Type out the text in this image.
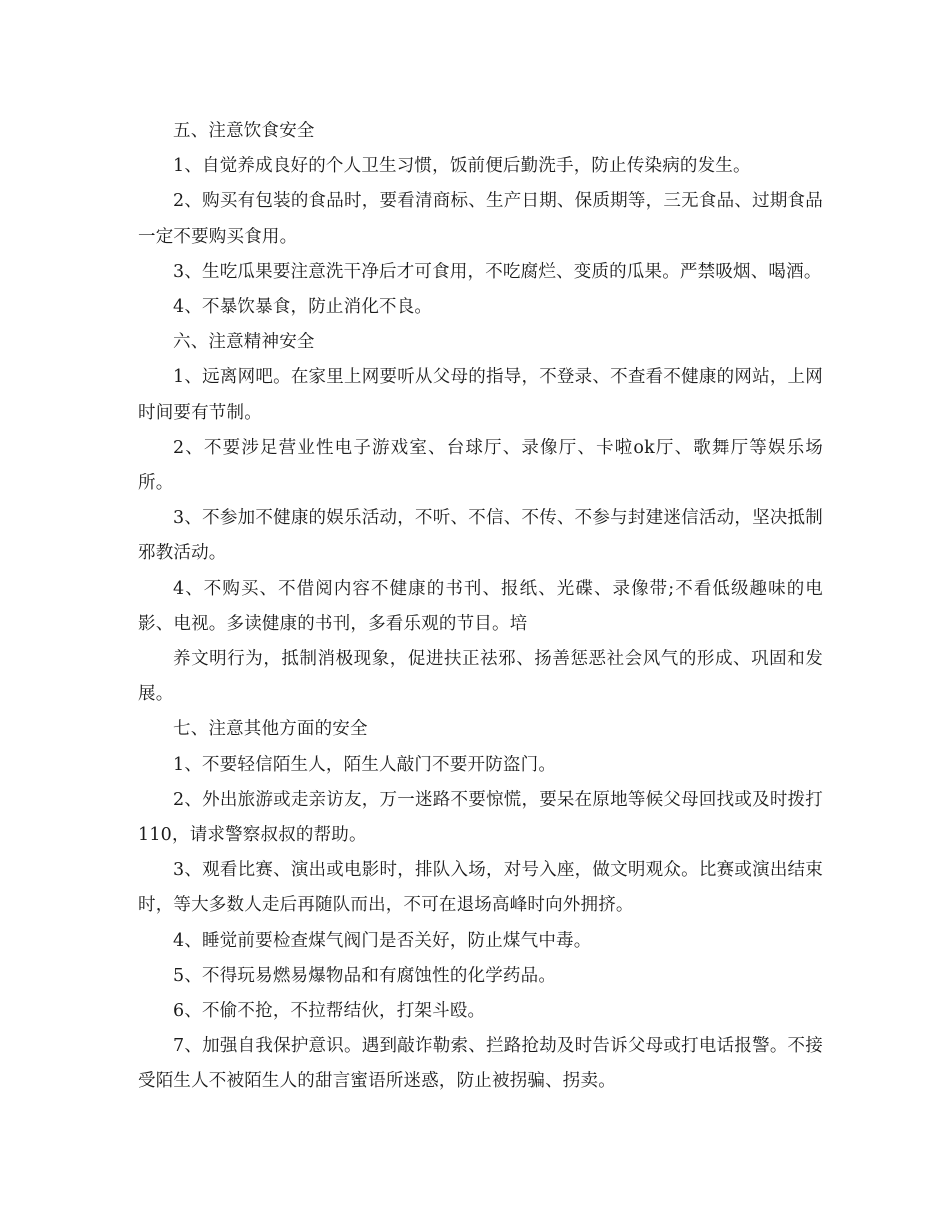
五、注意饮食安全

1、自觉养成良好的个人卫生习惯，饭前便后勤洗手，防止传染病的发生。

2、购买有包装的食品时，要看清商标、生产日期、保质期等，三无食品、过期食品一定不要购买食用。

3、生吃瓜果要注意洗干净后才可食用，不吃腐烂、变质的瓜果。严禁吸烟、喝酒。

4、不暴饮暴食，防止消化不良。

六、注意精神安全

1、远离网吧。在家里上网要听从父母的指导，不登录、不查看不健康的网站，上网时间要有节制。

2、不要涉足营业性电子游戏室、台球厅、录像厅、卡啦ok厅、歌舞厅等娱乐场所。

3、不参加不健康的娱乐活动，不听、不信、不传、不参与封建迷信活动，坚决抵制邪教活动。

4、不购买、不借阅内容不健康的书刊、报纸、光碟、录像带;不看低级趣味的电影、电视。多读健康的书刊，多看乐观的节目。培

养文明行为，抵制消极现象，促进扶正祛邪、扬善惩恶社会风气的形成、巩固和发展。

七、注意其他方面的安全

1、不要轻信陌生人，陌生人敲门不要开防盗门。

2、外出旅游或走亲访友，万一迷路不要惊慌，要呆在原地等候父母回找或及时拨打110，请求警察叔叔的帮助。

3、观看比赛、演出或电影时，排队入场，对号入座，做文明观众。比赛或演出结束时，等大多数人走后再随队而出，不可在退场高峰时向外拥挤。

4、睡觉前要检查煤气阀门是否关好，防止煤气中毒。

5、不得玩易燃易爆物品和有腐蚀性的化学药品。

6、不偷不抢，不拉帮结伙，打架斗殴。

7、加强自我保护意识。遇到敲诈勒索、拦路抢劫及时告诉父母或打电话报警。不接受陌生人不被陌生人的甜言蜜语所迷惑，防止被拐骗、拐卖。
